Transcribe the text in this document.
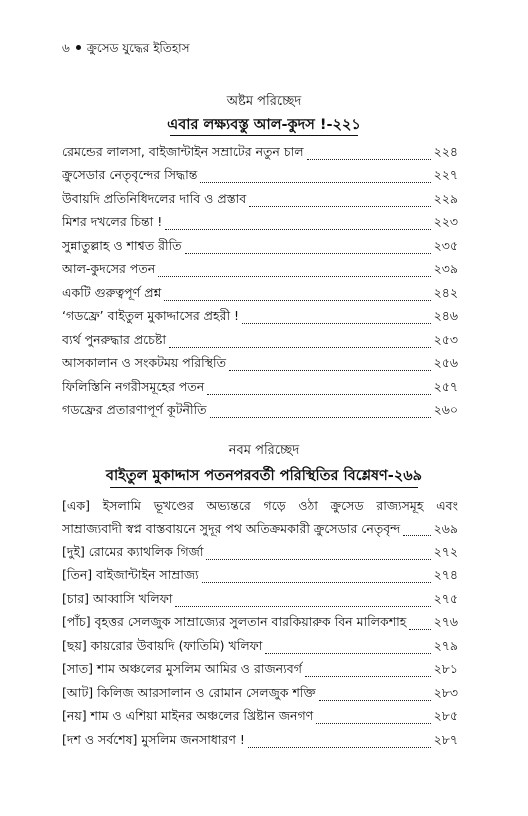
৬ ক্রুসেড যুদ্ধের ইতিহাস
অষ্টম পরিচ্ছেদ
এবার লক্ষ্যবস্তু আল-কুদস !-২২১
রেমন্ডের লালসা, বাইজান্টাইন সম্রাটের নতুন চাল	২২৪
ক্রুসেডার নেতৃবৃন্দের সিদ্ধান্ত	২২৭
উবায়দি প্রতিনিধিদলের দাবি ও প্রস্তাব	২২৯
মিশর দখলের চিন্তা !	২২৩
সুন্নাতুল্লাহ ও শাশ্বত রীতি	২৩৫
আল-কুদসের পতন	২৩৯
একটি গুরুত্বপূর্ণ প্রশ্ন	২৪২
‘গডফ্রে’ বাইতুল মুকাদ্দাসের প্রহরী !	২৪৬
ব্যর্থ পুনরুদ্ধার প্রচেষ্টা	২৫৩
আসকালান ও সংকটময় পরিস্থিতি	২৫৬
ফিলিস্তিনি নগরীসমূহের পতন	২৫৭
গডফ্রের প্রতারণাপূর্ণ কূটনীতি	২৬০
নবম পরিচ্ছেদ
বাইতুল মুকাদ্দাস পতনপরবর্তী পরিস্থিতির বিশ্লেষণ-২৬৯
[এক] ইসলামি ভূখণ্ডের অভ্যন্তরে গড়ে ওঠা ক্রুসেড রাজ্যসমূহ এবং
সাম্রাজ্যবাদী স্বপ্ন বাস্তবায়নে সুদূর পথ অতিক্রমকারী ক্রুসেডার নেতৃবৃন্দ	২৬৯
[দুই] রোমের ক্যাথলিক গির্জা	২৭২
[তিন] বাইজান্টাইন সাম্রাজ্য	২৭৪
[চার] আব্বাসি খলিফা	২৭৫
[পাঁচ] বৃহত্তর সেলজুক সাম্রাজ্যের সুলতান বারকিয়ারুক বিন মালিকশাহ ২৭৬
[ছয়] কায়রোর উবায়দি (ফাতিমি) খলিফা	২৭৯
[সাত] শাম অঞ্চলের মুসলিম আমির ও রাজন্যবর্গ	২৮১
[আট] কিলিজ আরসালান ও রোমান সেলজুক শক্তি	২৮৩
[নয়] শাম ও এশিয়া মাইনর অঞ্চলের খ্রিষ্টান জনগণ	২৮৫
[দশ ও সর্বশেষ] মুসলিম জনসাধারণ !	২৮৭
